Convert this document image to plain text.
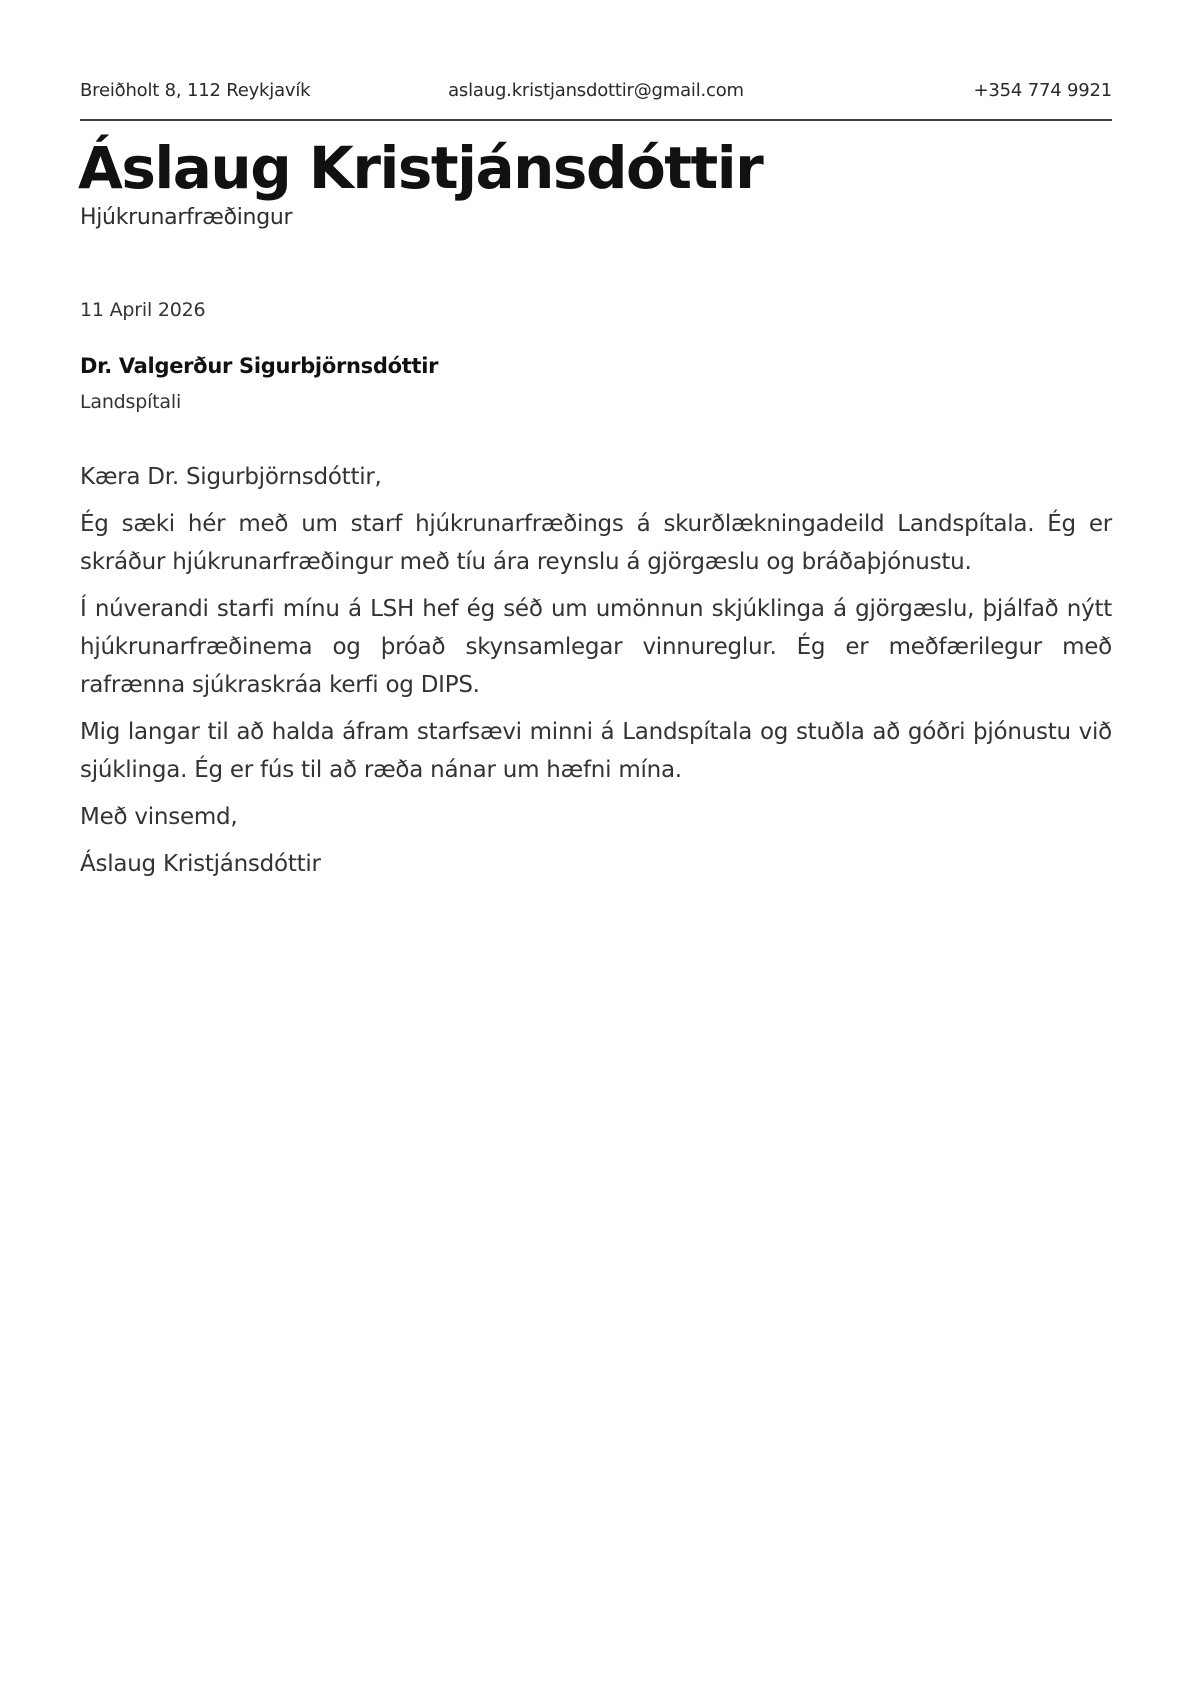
Breiðholt 8, 112 Reykjavík	aslaug.kristjansdottir@gmail.com	+354 774 9921
Áslaug Kristjánsdóttir
Hjúkrunarfræðingur
11 April 2026
Dr. Valgerður Sigurbjörnsdóttir
Landspítali

Kæra Dr. Sigurbjörnsdóttir,

Ég sæki hér með um starf hjúkrunarfræðings á skurðlækningadeild Landspítala. Ég er skráður hjúkrunarfræðingur með tíu ára reynslu á gjörgæslu og bráðaþjónustu.

Í núverandi starfi mínu á LSH hef ég séð um umönnun skjúklinga á gjörgæslu, þjálfað nýtt hjúkrunarfræðinema og þróað skynsamlegar vinnureglur. Ég er meðfærilegur með rafrænna sjúkraskráa kerfi og DIPS.

Mig langar til að halda áfram starfsævi minni á Landspítala og stuðla að góðri þjónustu við sjúklinga. Ég er fús til að ræða nánar um hæfni mína.

Með vinsemd,

Áslaug Kristjánsdóttir
